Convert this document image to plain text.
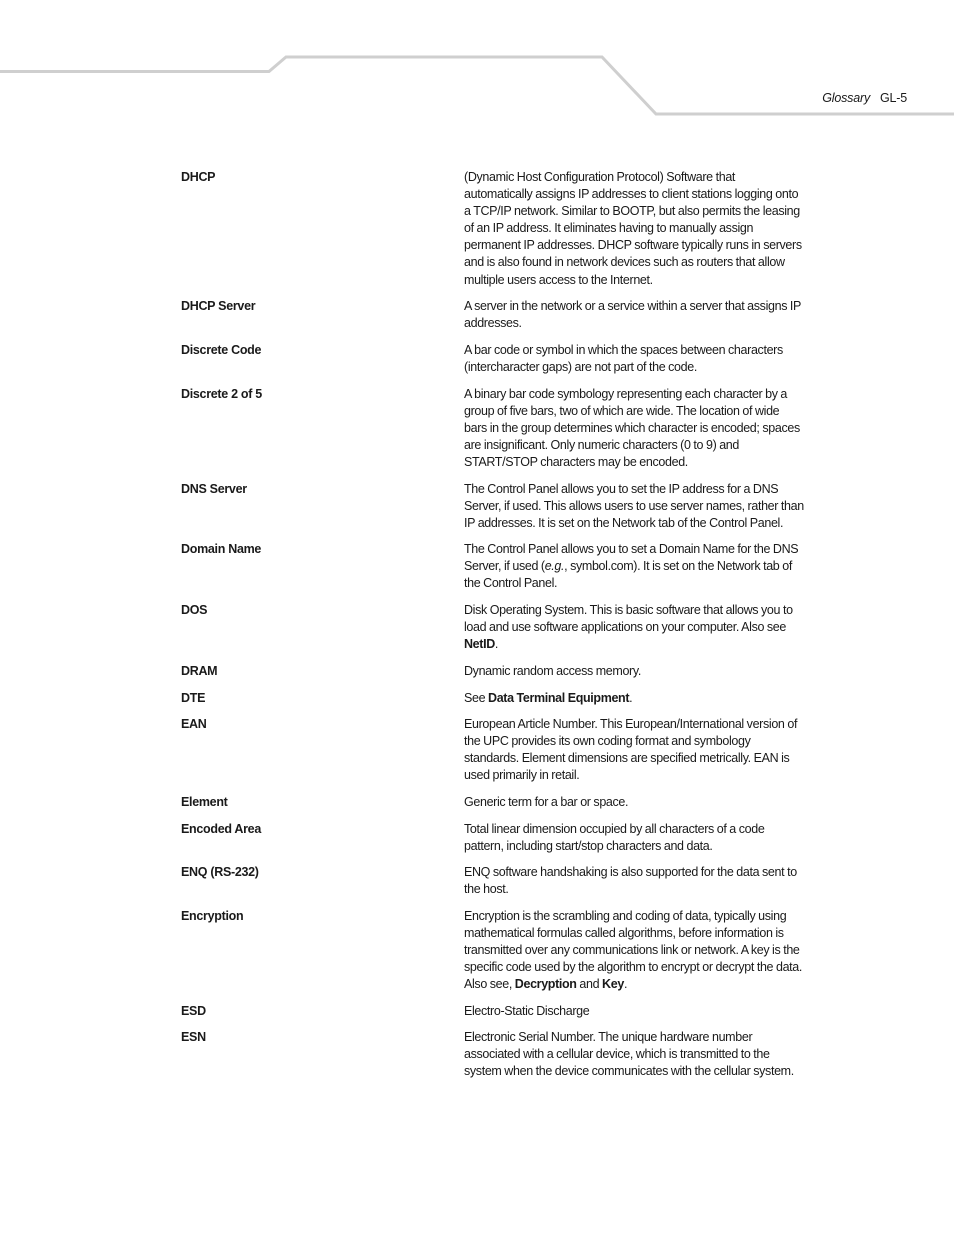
Glossary GL-5
DHCP	(Dynamic Host Configuration Protocol) Software that automatically assigns IP addresses to client stations logging onto a TCP/IP network. Similar to BOOTP, but also permits the leasing of an IP address. It eliminates having to manually assign permanent IP addresses. DHCP software typically runs in servers and is also found in network devices such as routers that allow multiple users access to the Internet.
DHCP Server	A server in the network or a service within a server that assigns IP addresses.
Discrete Code	A bar code or symbol in which the spaces between characters (intercharacter gaps) are not part of the code.
Discrete 2 of 5	A binary bar code symbology representing each character by a group of five bars, two of which are wide. The location of wide bars in the group determines which character is encoded; spaces are insignificant. Only numeric characters (0 to 9) and START/STOP characters may be encoded.
DNS Server	The Control Panel allows you to set the IP address for a DNS Server, if used. This allows users to use server names, rather than IP addresses. It is set on the Network tab of the Control Panel.
Domain Name	The Control Panel allows you to set a Domain Name for the DNS Server, if used (e.g., symbol.com). It is set on the Network tab of the Control Panel.
DOS	Disk Operating System. This is basic software that allows you to load and use software applications on your computer. Also see NetID.
DRAM	Dynamic random access memory.
DTE	See Data Terminal Equipment.
EAN	European Article Number. This European/International version of the UPC provides its own coding format and symbology standards. Element dimensions are specified metrically. EAN is used primarily in retail.
Element	Generic term for a bar or space.
Encoded Area	Total linear dimension occupied by all characters of a code pattern, including start/stop characters and data.
ENQ (RS-232)	ENQ software handshaking is also supported for the data sent to the host.
Encryption	Encryption is the scrambling and coding of data, typically using mathematical formulas called algorithms, before information is transmitted over any communications link or network. A key is the specific code used by the algorithm to encrypt or decrypt the data. Also see, Decryption and Key.
ESD	Electro-Static Discharge
ESN	Electronic Serial Number. The unique hardware number associated with a cellular device, which is transmitted to the system when the device communicates with the cellular system.
